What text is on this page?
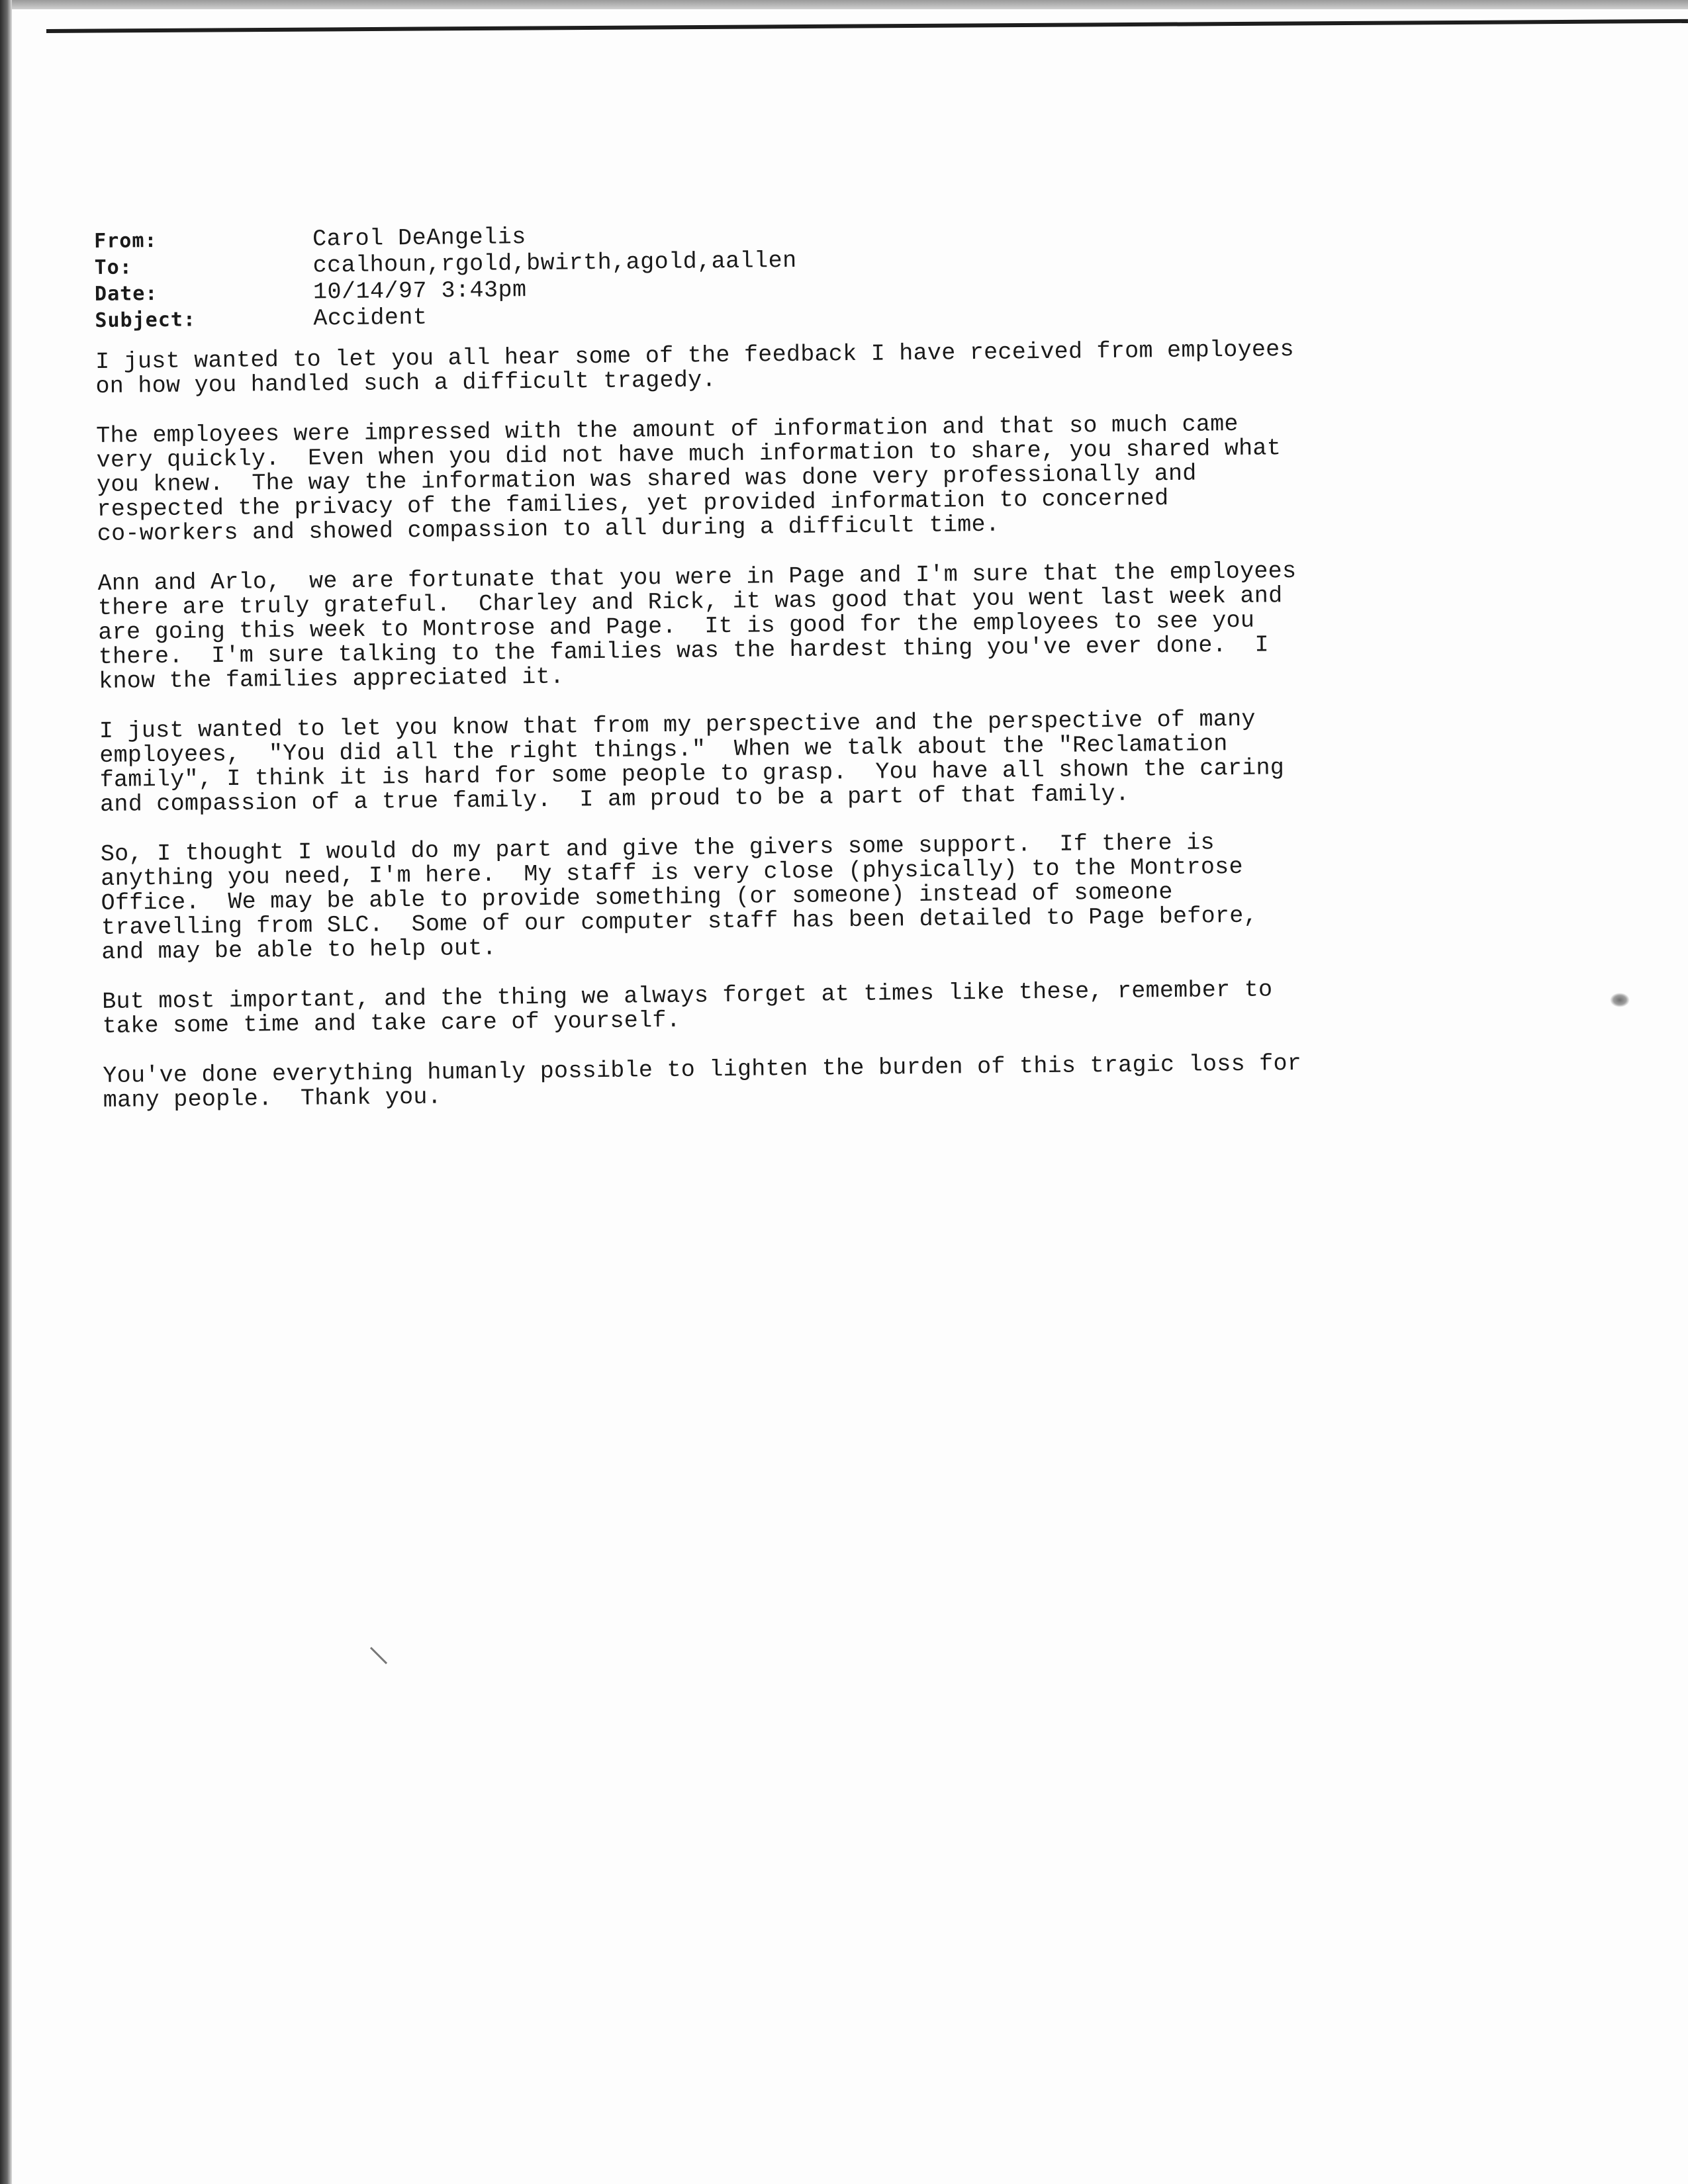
From:	Carol DeAngelis
To:	ccalhoun,rgold,bwirth,agold,aallen
Date:	10/14/97 3:43pm
Subject:	Accident

I just wanted to let you all hear some of the feedback I have received from employees
on how you handled such a difficult tragedy.

The employees were impressed with the amount of information and that so much came
very quickly.  Even when you did not have much information to share, you shared what
you knew.  The way the information was shared was done very professionally and
respected the privacy of the families, yet provided information to concerned
co-workers and showed compassion to all during a difficult time.

Ann and Arlo,  we are fortunate that you were in Page and I'm sure that the employees
there are truly grateful.  Charley and Rick, it was good that you went last week and
are going this week to Montrose and Page.  It is good for the employees to see you
there.  I'm sure talking to the families was the hardest thing you've ever done.  I
know the families appreciated it.

I just wanted to let you know that from my perspective and the perspective of many
employees,  "You did all the right things."  When we talk about the "Reclamation
family", I think it is hard for some people to grasp.  You have all shown the caring
and compassion of a true family.  I am proud to be a part of that family.

So, I thought I would do my part and give the givers some support.  If there is
anything you need, I'm here.  My staff is very close (physically) to the Montrose
Office.  We may be able to provide something (or someone) instead of someone
travelling from SLC.  Some of our computer staff has been detailed to Page before,
and may be able to help out.

But most important, and the thing we always forget at times like these, remember to
take some time and take care of yourself.

You've done everything humanly possible to lighten the burden of this tragic loss for
many people.  Thank you.
